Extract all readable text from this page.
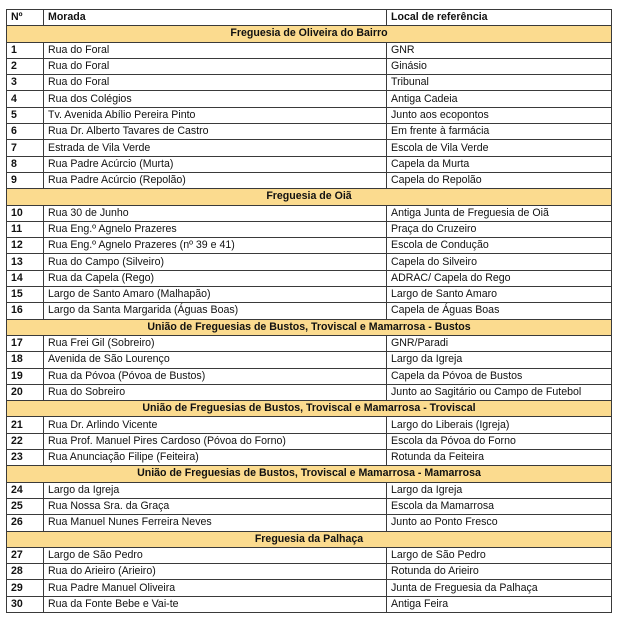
Nº	Morada	Local de referência
Freguesia de Oliveira do Bairro		
1	Rua do Foral	GNR
2	Rua do Foral	Ginásio
3	Rua do Foral	Tribunal
4	Rua dos Colégios	Antiga Cadeia
5	Tv. Avenida Abílio Pereira Pinto	Junto aos ecopontos
6	Rua Dr. Alberto Tavares de Castro	Em frente à farmácia
7	Estrada de Vila Verde	Escola de Vila Verde
8	Rua Padre Acúrcio (Murta)	Capela da Murta
9	Rua Padre Acúrcio (Repolão)	Capela do Repolão
Freguesia de Oiã		
10	Rua 30 de Junho	Antiga Junta de Freguesia de Oiã
11	Rua Eng.º Agnelo Prazeres	Praça do Cruzeiro
12	Rua Eng.º Agnelo Prazeres (nº 39 e 41)	Escola de Condução
13	Rua do Campo (Silveiro)	Capela do Silveiro
14	Rua da Capela (Rego)	ADRAC/ Capela do Rego
15	Largo de Santo Amaro (Malhapão)	Largo de Santo Amaro
16	Largo da Santa Margarida (Águas Boas)	Capela de Águas Boas
União de Freguesias de Bustos, Troviscal e Mamarrosa - Bustos		
17	Rua Frei Gil (Sobreiro)	GNR/Paradi
18	Avenida de São Lourenço	Largo da Igreja
19	Rua da Póvoa (Póvoa de Bustos)	Capela da Póvoa de Bustos
20	Rua do Sobreiro	Junto ao Sagitário ou Campo de Futebol
União de Freguesias de Bustos, Troviscal e Mamarrosa - Troviscal		
21	Rua Dr. Arlindo Vicente	Largo do Liberais (Igreja)
22	Rua Prof. Manuel Pires Cardoso (Póvoa do Forno)	Escola da Póvoa do Forno
23	Rua Anunciação Filipe (Feiteira)	Rotunda da Feiteira
União de Freguesias de Bustos, Troviscal e Mamarrosa - Mamarrosa		
24	Largo da Igreja	Largo da Igreja
25	Rua Nossa Sra. da Graça	Escola da Mamarrosa
26	Rua Manuel Nunes Ferreira Neves	Junto ao Ponto Fresco
Freguesia da Palhaça		
27	Largo de São Pedro	Largo de São Pedro
28	Rua do Arieiro (Arieiro)	Rotunda do Arieiro
29	Rua Padre Manuel Oliveira	Junta de Freguesia da Palhaça
30	Rua da Fonte Bebe e Vai-te	Antiga Feira
